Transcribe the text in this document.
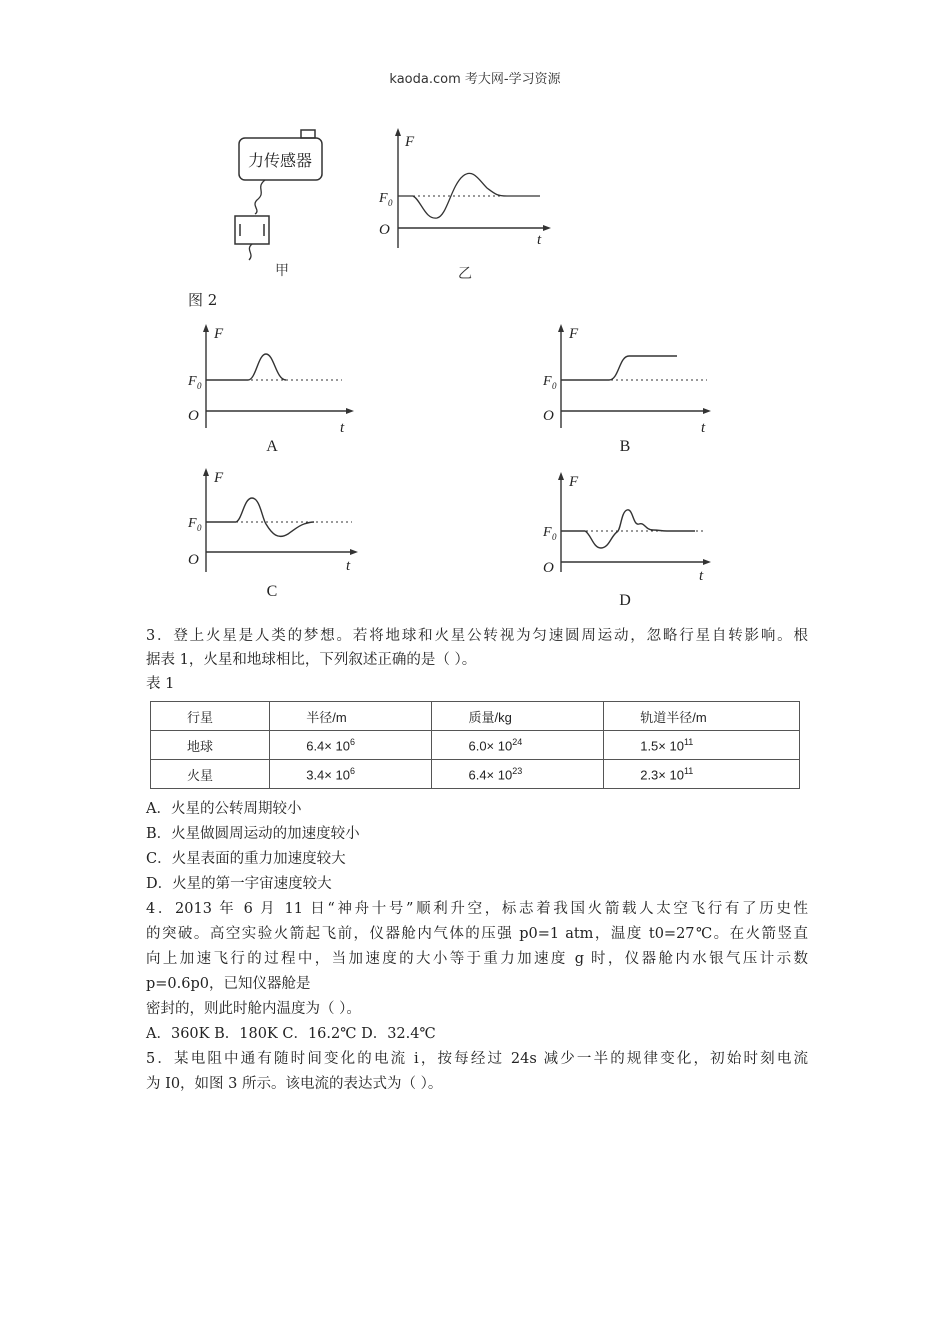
kaoda.com 考大网-学习资源
力传感器
甲
F
t
O
F 0
乙
图 2
F
t
O
F 0
A
F
t
O
F 0
B
F
t
O
F 0
C
F
t
O
F 0
D
3．登上火星是人类的梦想。若将地球和火星公转视为匀速圆周运动，忽略行星自转影响。根
据表 1，火星和地球相比，下列叙述正确的是（ ）。
表 1
行星	半径/m	质量/kg	轨道半径/m
地球	$6.4\times 10^6$	$6.0\times 10^{24}$	$1.5\times 10^{11}$
火星	$3.4\times 10^6$	$6.4\times 10^{23}$	$2.3\times 10^{11}$
A．火星的公转周期较小
B．火星做圆周运动的加速度较小
C．火星表面的重力加速度较大
D．火星的第一宇宙速度较大
4．2013 年 6 月 11 日“神舟十号”顺利升空，标志着我国火箭载人太空飞行有了历史性
的突破。高空实验火箭起飞前，仪器舱内气体的压强 p0=1 atm，温度 t0=27℃。在火箭竖直
向上加速飞行的过程中，当加速度的大小等于重力加速度 g 时，仪器舱内水银气压计示数
p=0.6p0，已知仪器舱是
密封的，则此时舱内温度为（ ）。
A．360K B．180K C．16.2℃ D．32.4℃
5．某电阻中通有随时间变化的电流 i，按每经过 24s 减少一半的规律变化，初始时刻电流
为 I0，如图 3 所示。该电流的表达式为（ ）。
